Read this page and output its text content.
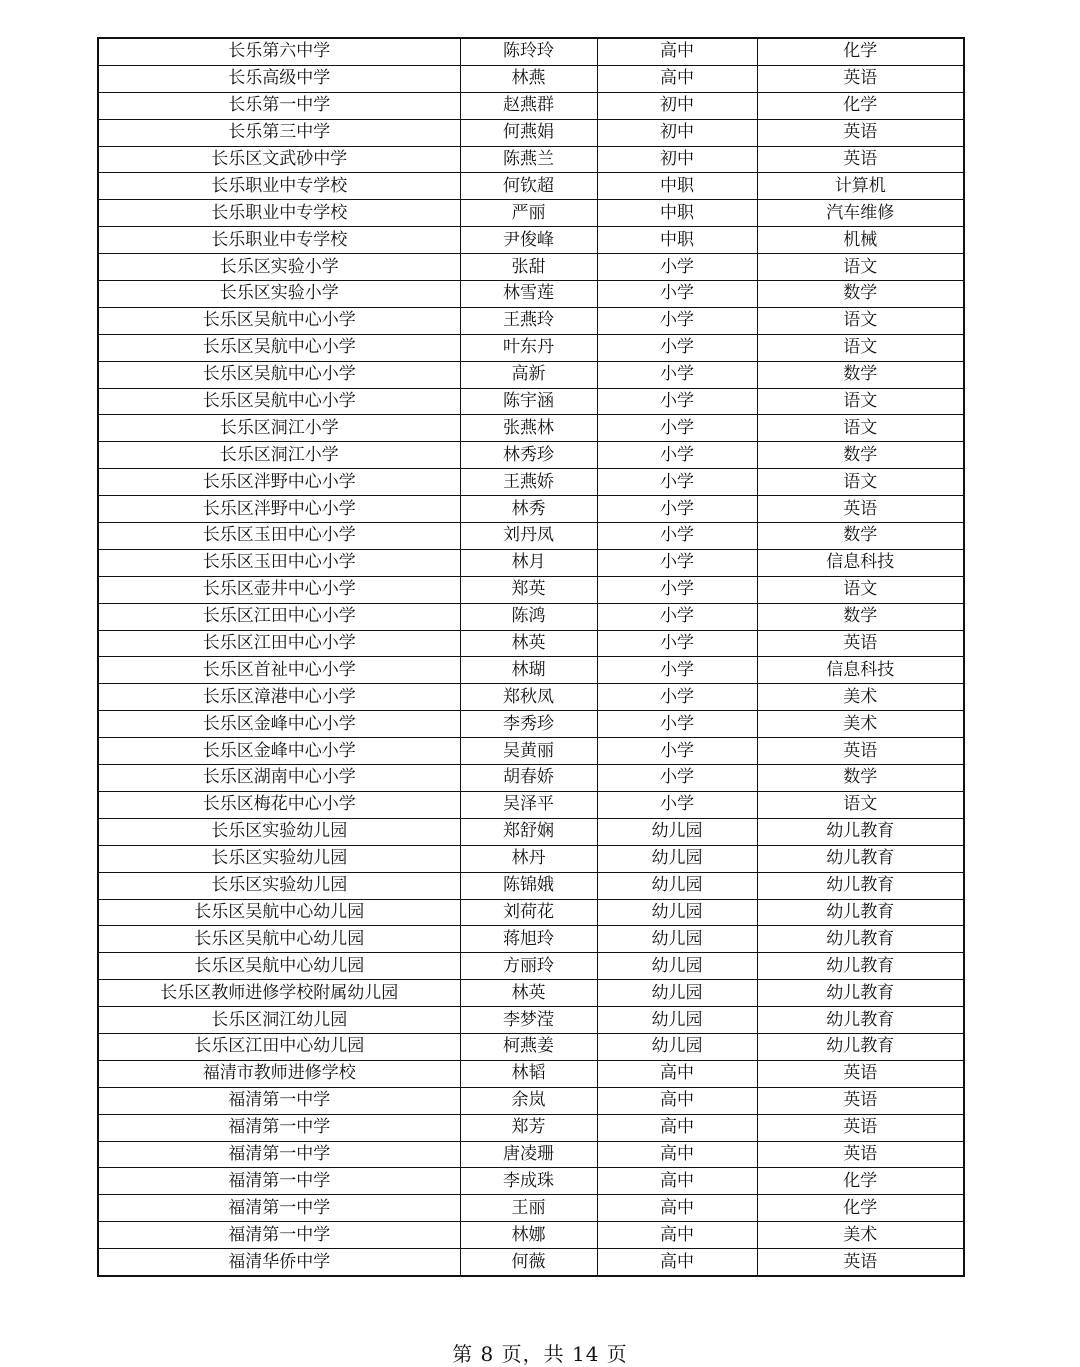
长乐第六中学	陈玲玲	高中	化学
长乐高级中学	林燕	高中	英语
长乐第一中学	赵燕群	初中	化学
长乐第三中学	何燕娟	初中	英语
长乐区文武砂中学	陈燕兰	初中	英语
长乐职业中专学校	何钦超	中职	计算机
长乐职业中专学校	严丽	中职	汽车维修
长乐职业中专学校	尹俊峰	中职	机械
长乐区实验小学	张甜	小学	语文
长乐区实验小学	林雪莲	小学	数学
长乐区吴航中心小学	王燕玲	小学	语文
长乐区吴航中心小学	叶东丹	小学	语文
长乐区吴航中心小学	高新	小学	数学
长乐区吴航中心小学	陈宇涵	小学	语文
长乐区洞江小学	张燕林	小学	语文
长乐区洞江小学	林秀珍	小学	数学
长乐区泮野中心小学	王燕娇	小学	语文
长乐区泮野中心小学	林秀	小学	英语
长乐区玉田中心小学	刘丹凤	小学	数学
长乐区玉田中心小学	林月	小学	信息科技
长乐区壶井中心小学	郑英	小学	语文
长乐区江田中心小学	陈鸿	小学	数学
长乐区江田中心小学	林英	小学	英语
长乐区首祉中心小学	林瑚	小学	信息科技
长乐区漳港中心小学	郑秋凤	小学	美术
长乐区金峰中心小学	李秀珍	小学	美术
长乐区金峰中心小学	吴黄丽	小学	英语
长乐区湖南中心小学	胡春娇	小学	数学
长乐区梅花中心小学	吴泽平	小学	语文
长乐区实验幼儿园	郑舒娴	幼儿园	幼儿教育
长乐区实验幼儿园	林丹	幼儿园	幼儿教育
长乐区实验幼儿园	陈锦娥	幼儿园	幼儿教育
长乐区吴航中心幼儿园	刘荷花	幼儿园	幼儿教育
长乐区吴航中心幼儿园	蒋旭玲	幼儿园	幼儿教育
长乐区吴航中心幼儿园	方丽玲	幼儿园	幼儿教育
长乐区教师进修学校附属幼儿园	林英	幼儿园	幼儿教育
长乐区洞江幼儿园	李梦滢	幼儿园	幼儿教育
长乐区江田中心幼儿园	柯燕姜	幼儿园	幼儿教育
福清市教师进修学校	林韬	高中	英语
福清第一中学	余岚	高中	英语
福清第一中学	郑芳	高中	英语
福清第一中学	唐凌珊	高中	英语
福清第一中学	李成珠	高中	化学
福清第一中学	王丽	高中	化学
福清第一中学	林娜	高中	美术
福清华侨中学	何薇	高中	英语
第 8 页，共 14 页
